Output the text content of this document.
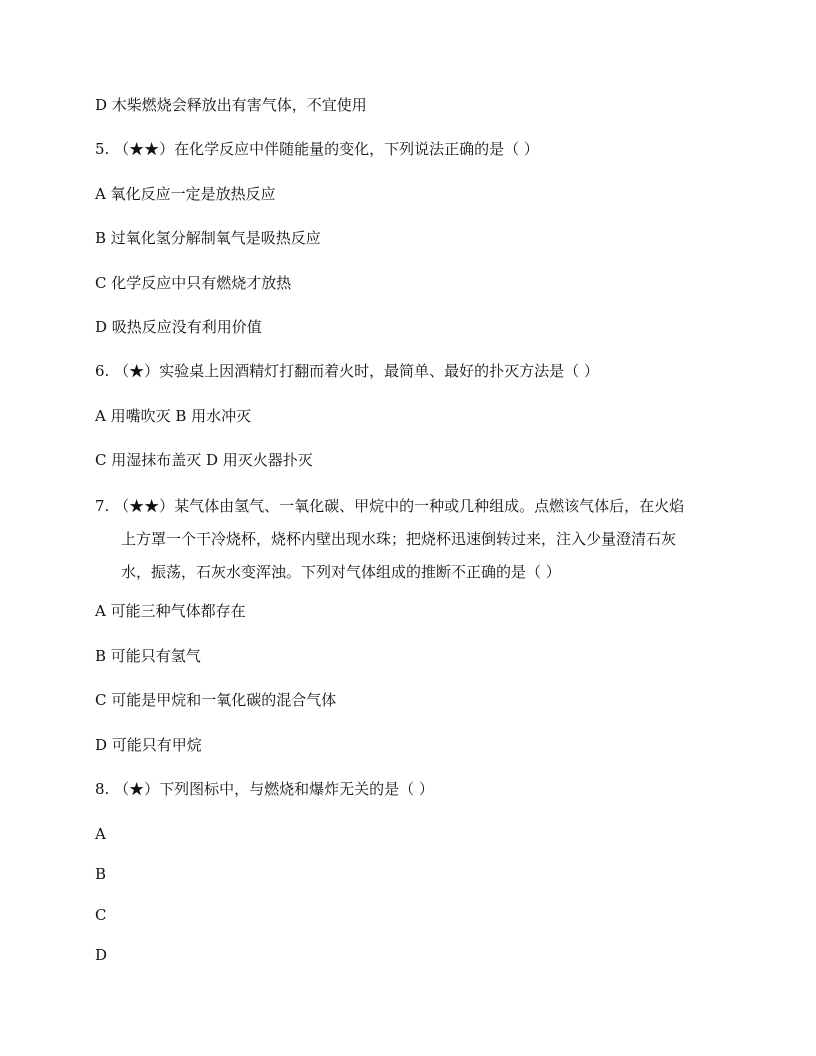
D 木柴燃烧会释放出有害气体，不宜使用
5. （★★）在化学反应中伴随能量的变化，下列说法正确的是（ ）
A 氧化反应一定是放热反应
B 过氧化氢分解制氧气是吸热反应
C 化学反应中只有燃烧才放热
D 吸热反应没有利用价值
6. （★）实验桌上因酒精灯打翻而着火时，最简单、最好的扑灭方法是（ ）
A 用嘴吹灭 B 用水冲灭
C 用湿抹布盖灭 D 用灭火器扑灭
7. （★★）某气体由氢气、一氧化碳、甲烷中的一种或几种组成。点燃该气体后，在火焰
上方罩一个干冷烧杯，烧杯内壁出现水珠；把烧杯迅速倒转过来，注入少量澄清石灰
水，振荡，石灰水变浑浊。下列对气体组成的推断不正确的是（ ）
A 可能三种气体都存在
B 可能只有氢气
C 可能是甲烷和一氧化碳的混合气体
D 可能只有甲烷
8. （★）下列图标中，与燃烧和爆炸无关的是（ ）
A
B
C
D
